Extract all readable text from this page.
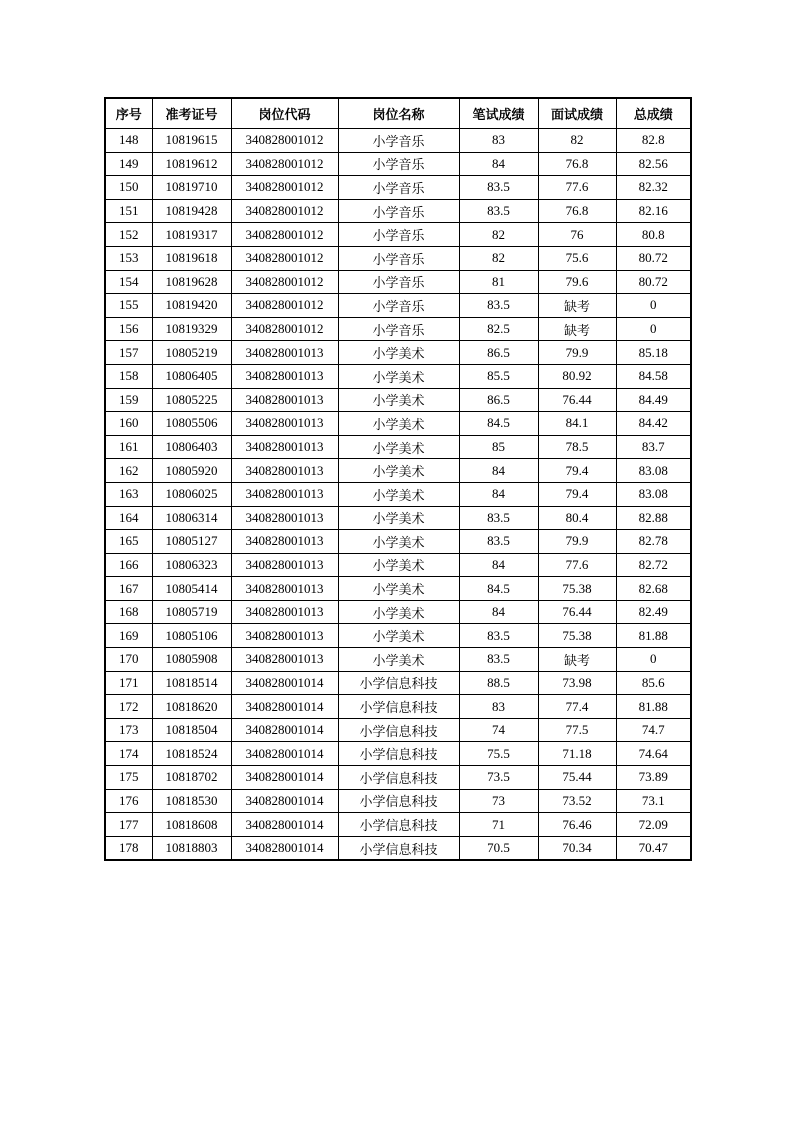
序号	准考证号	岗位代码	岗位名称	笔试成绩	面试成绩	总成绩
148	10819615	340828001012	小学音乐	83	82	82.8
149	10819612	340828001012	小学音乐	84	76.8	82.56
150	10819710	340828001012	小学音乐	83.5	77.6	82.32
151	10819428	340828001012	小学音乐	83.5	76.8	82.16
152	10819317	340828001012	小学音乐	82	76	80.8
153	10819618	340828001012	小学音乐	82	75.6	80.72
154	10819628	340828001012	小学音乐	81	79.6	80.72
155	10819420	340828001012	小学音乐	83.5	缺考	0
156	10819329	340828001012	小学音乐	82.5	缺考	0
157	10805219	340828001013	小学美术	86.5	79.9	85.18
158	10806405	340828001013	小学美术	85.5	80.92	84.58
159	10805225	340828001013	小学美术	86.5	76.44	84.49
160	10805506	340828001013	小学美术	84.5	84.1	84.42
161	10806403	340828001013	小学美术	85	78.5	83.7
162	10805920	340828001013	小学美术	84	79.4	83.08
163	10806025	340828001013	小学美术	84	79.4	83.08
164	10806314	340828001013	小学美术	83.5	80.4	82.88
165	10805127	340828001013	小学美术	83.5	79.9	82.78
166	10806323	340828001013	小学美术	84	77.6	82.72
167	10805414	340828001013	小学美术	84.5	75.38	82.68
168	10805719	340828001013	小学美术	84	76.44	82.49
169	10805106	340828001013	小学美术	83.5	75.38	81.88
170	10805908	340828001013	小学美术	83.5	缺考	0
171	10818514	340828001014	小学信息科技	88.5	73.98	85.6
172	10818620	340828001014	小学信息科技	83	77.4	81.88
173	10818504	340828001014	小学信息科技	74	77.5	74.7
174	10818524	340828001014	小学信息科技	75.5	71.18	74.64
175	10818702	340828001014	小学信息科技	73.5	75.44	73.89
176	10818530	340828001014	小学信息科技	73	73.52	73.1
177	10818608	340828001014	小学信息科技	71	76.46	72.09
178	10818803	340828001014	小学信息科技	70.5	70.34	70.47
